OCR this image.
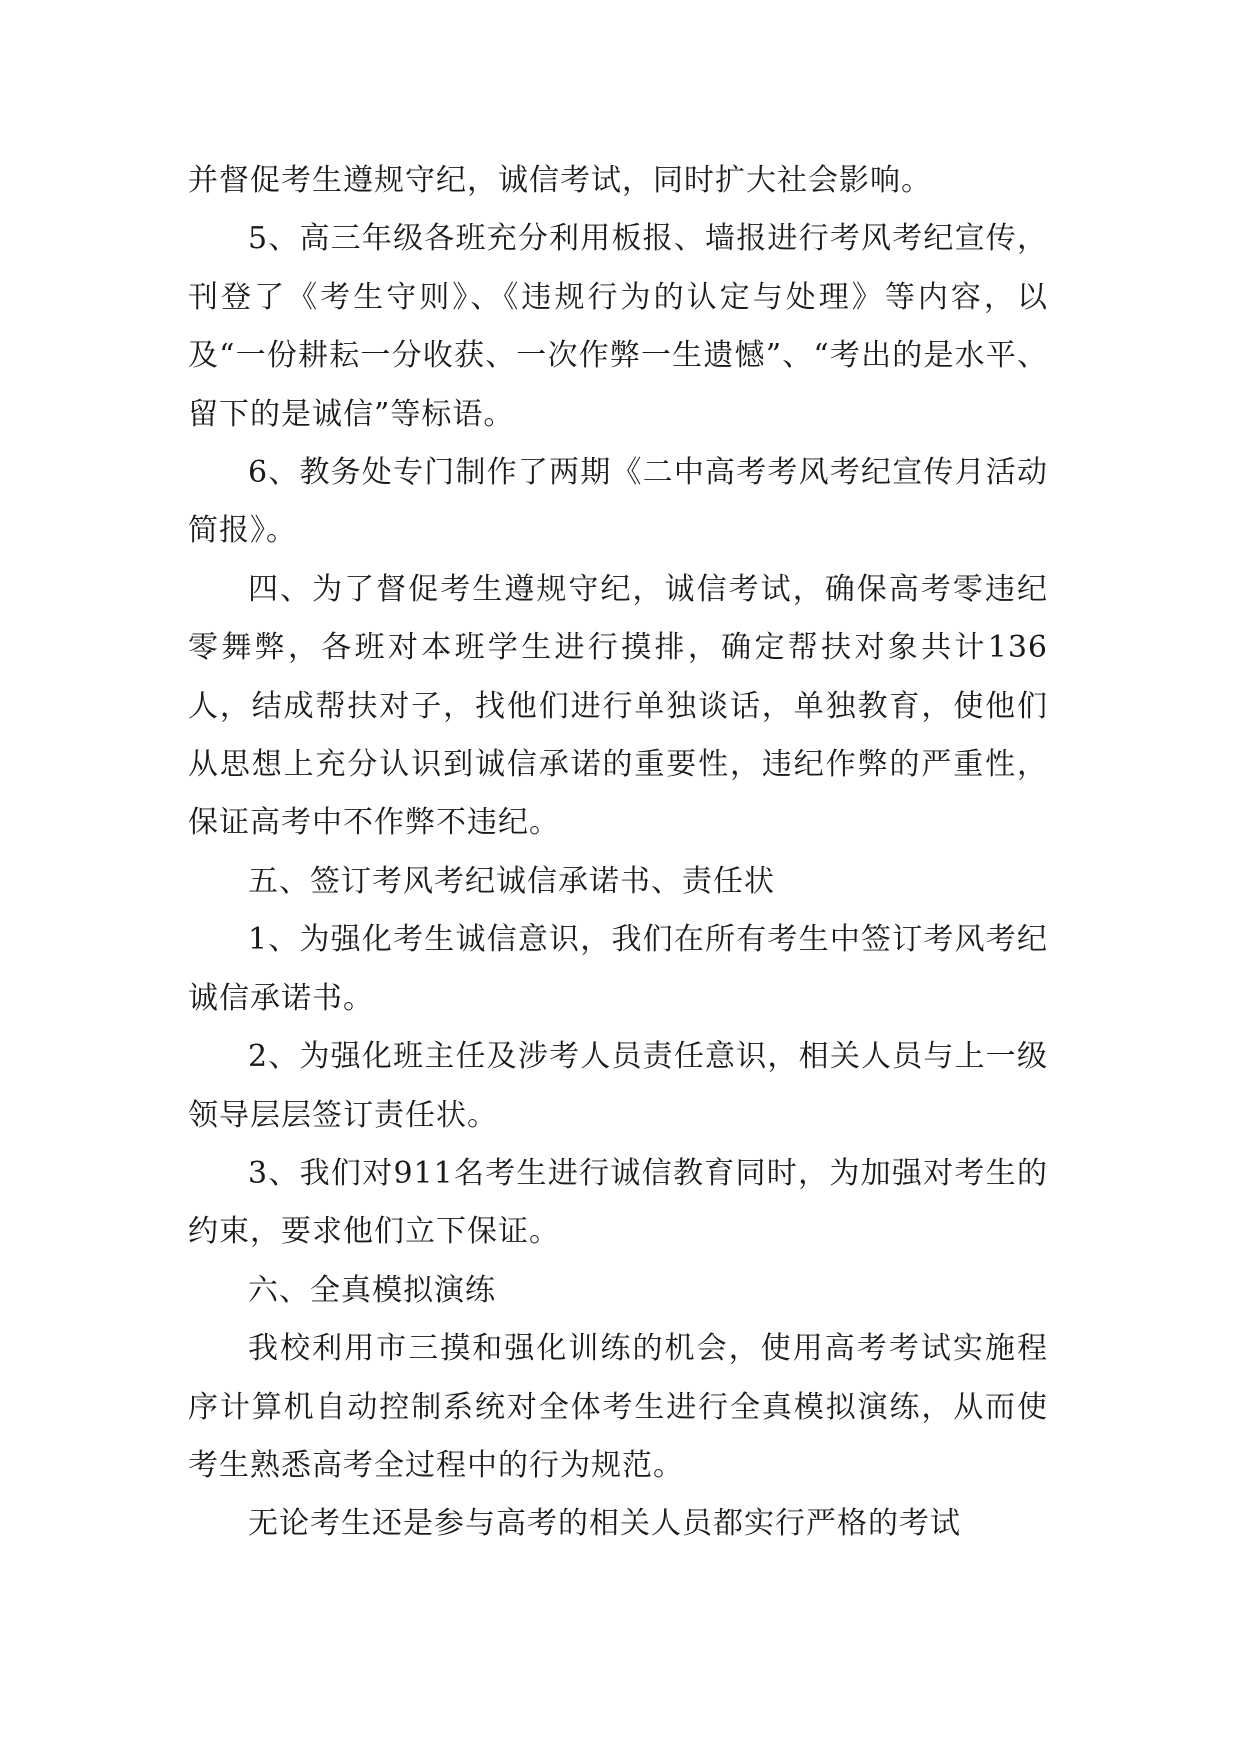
并督促考生遵规守纪，诚信考试，同时扩大社会影响。

5、高三年级各班充分利用板报、墙报进行考风考纪宣传，刊登了《考生守则》、《违规行为的认定与处理》等内容，以及“一份耕耘一分收获、一次作弊一生遗憾”、“考出的是水平、留下的是诚信”等标语。

6、教务处专门制作了两期《二中高考考风考纪宣传月活动简报》。

四、为了督促考生遵规守纪，诚信考试，确保高考零违纪零舞弊，各班对本班学生进行摸排，确定帮扶对象共计136人，结成帮扶对子，找他们进行单独谈话，单独教育，使他们从思想上充分认识到诚信承诺的重要性，违纪作弊的严重性，保证高考中不作弊不违纪。

五、签订考风考纪诚信承诺书、责任状

1、为强化考生诚信意识，我们在所有考生中签订考风考纪诚信承诺书。

2、为强化班主任及涉考人员责任意识，相关人员与上一级领导层层签订责任状。

3、我们对911名考生进行诚信教育同时，为加强对考生的约束，要求他们立下保证。

六、全真模拟演练

我校利用市三摸和强化训练的机会，使用高考考试实施程序计算机自动控制系统对全体考生进行全真模拟演练，从而使考生熟悉高考全过程中的行为规范。

无论考生还是参与高考的相关人员都实行严格的考试
